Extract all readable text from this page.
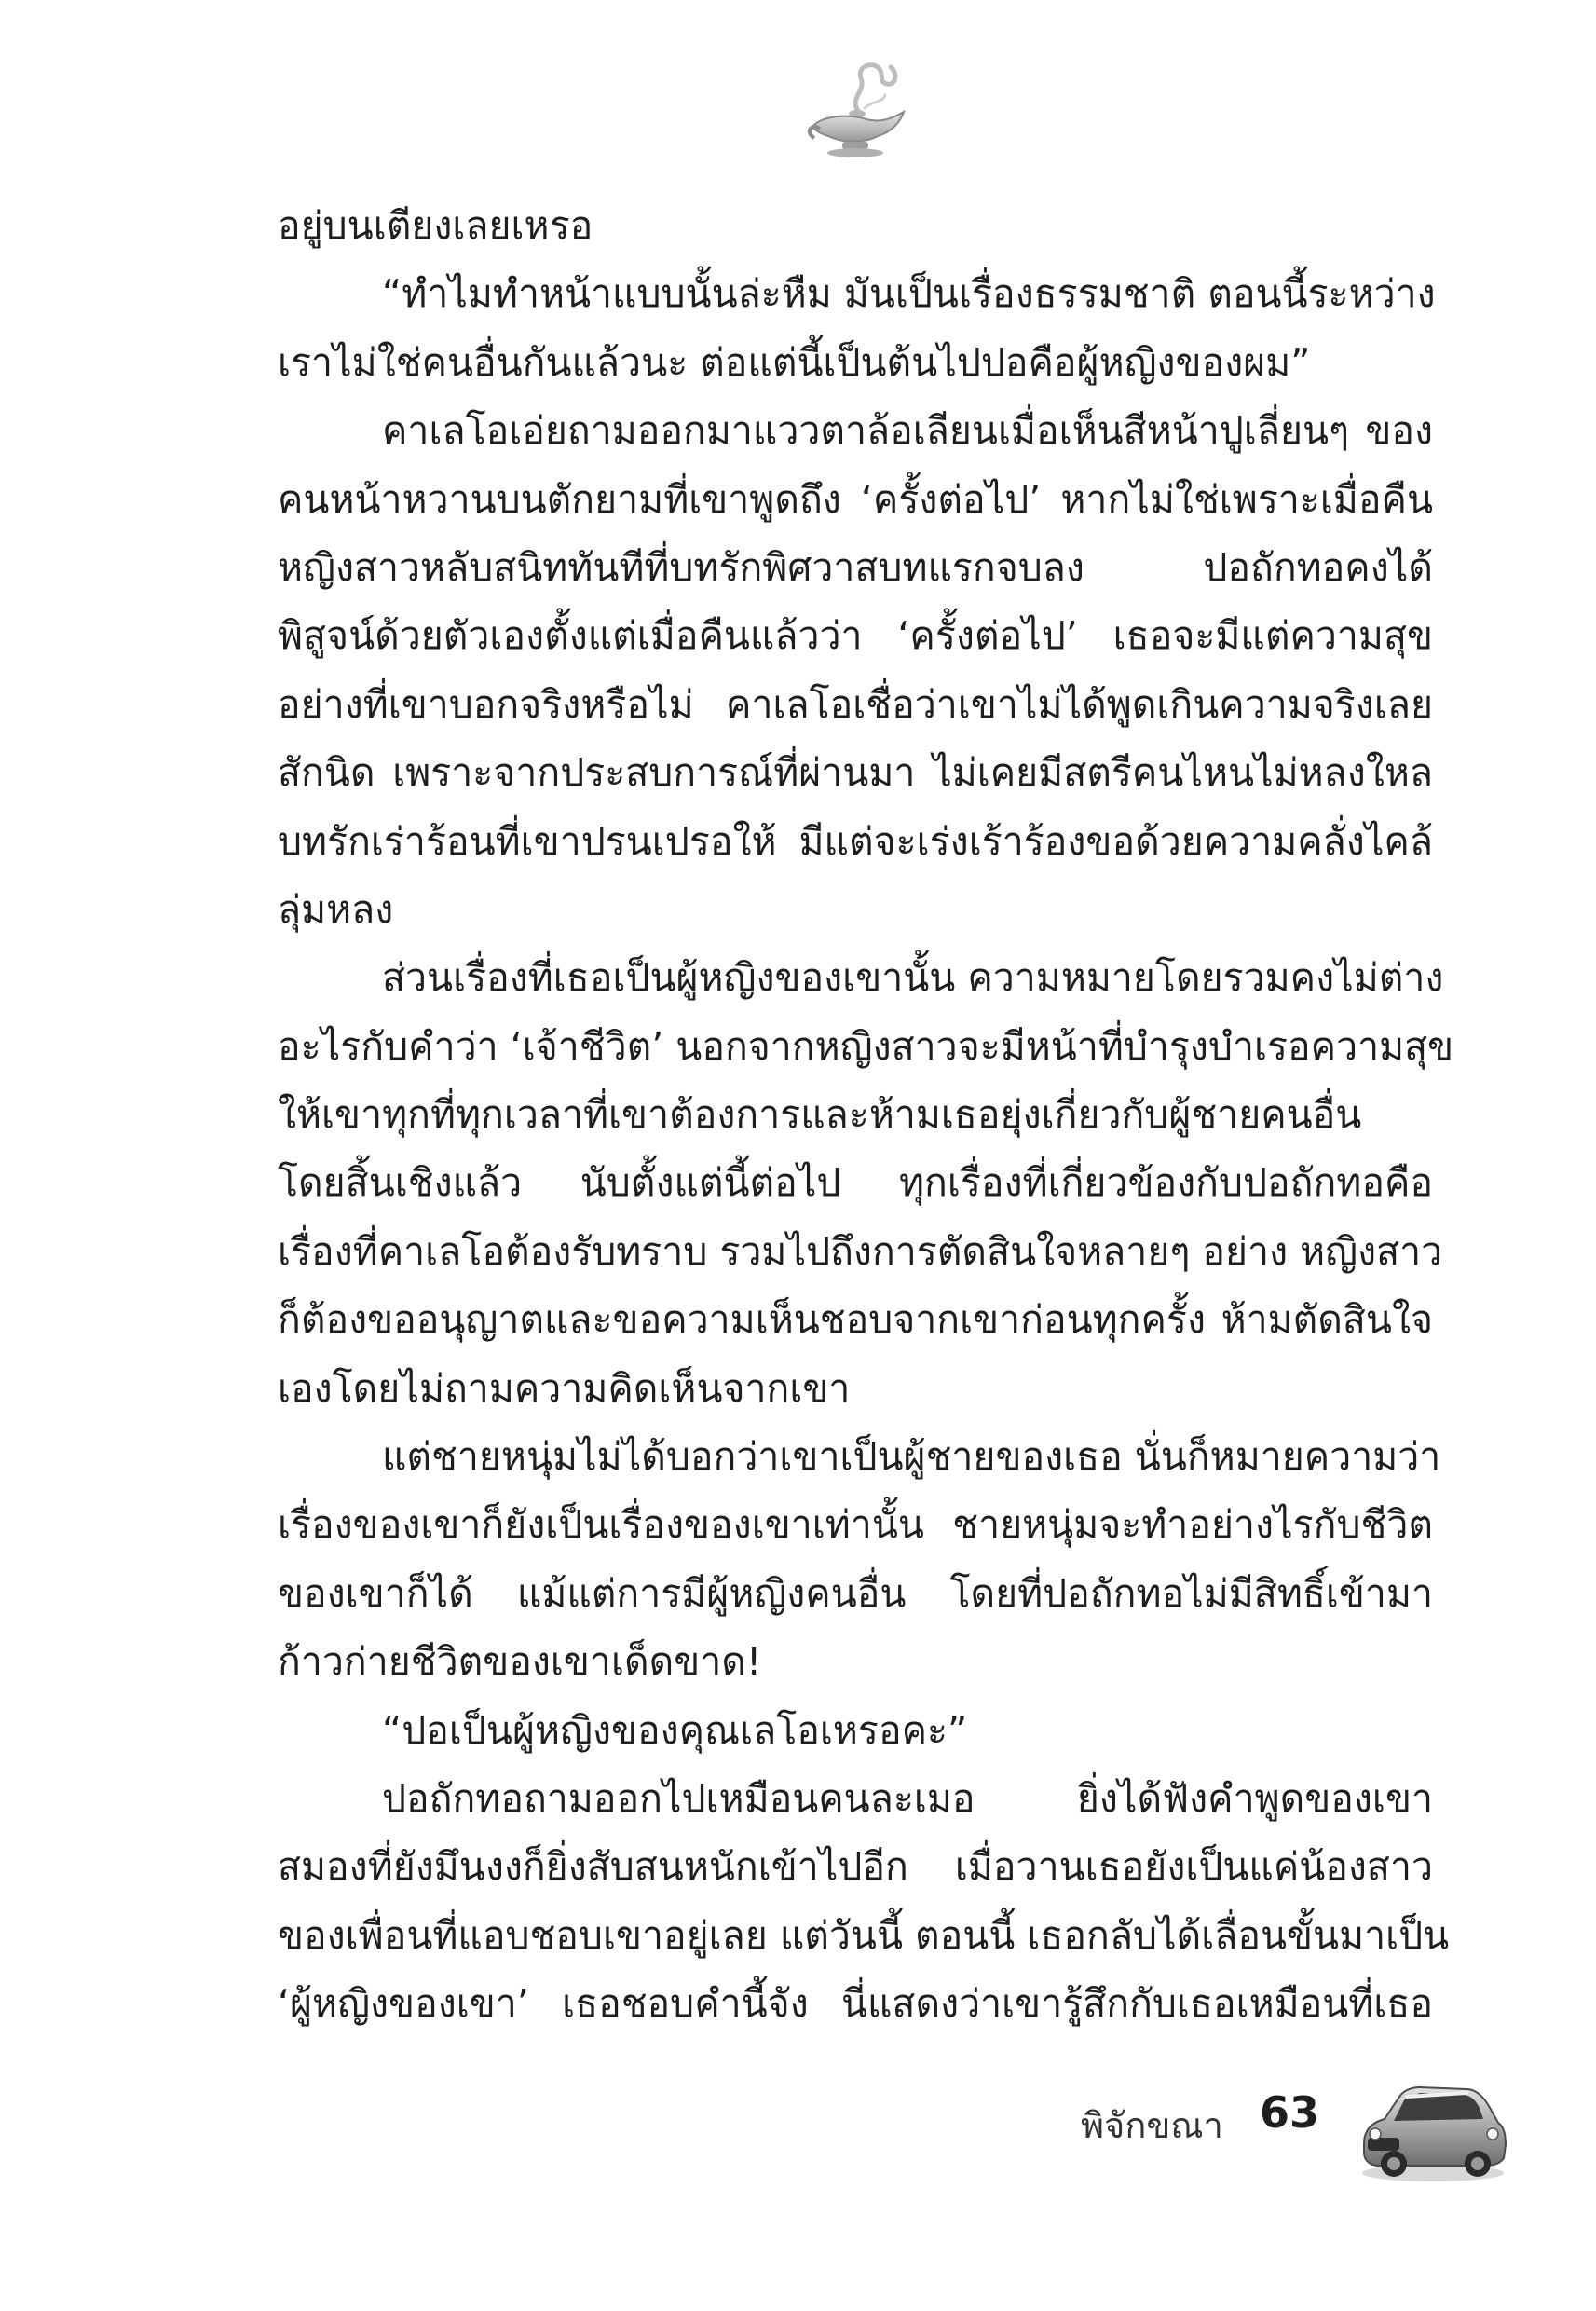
อยู่บนเตียงเลยเหรอ
“ทำไมทำหน้าแบบนั้นล่ะหืม มันเป็นเรื่องธรรมชาติ ตอนนี้ระหว่าง
เราไม่ใช่คนอื่นกันแล้วนะ ต่อแต่นี้เป็นต้นไปปอคือผู้หญิงของผม”
คาเลโอเอ่ยถามออกมาแววตาล้อเลียนเมื่อเห็นสีหน้าปูเลี่ยนๆ ของ
คนหน้าหวานบนตักยามที่เขาพูดถึง ‘ครั้งต่อไป’ หากไม่ใช่เพราะเมื่อคืน
หญิงสาวหลับสนิททันทีที่บทรักพิศวาสบทแรกจบลง ปอถักทอคงได้
พิสูจน์ด้วยตัวเองตั้งแต่เมื่อคืนแล้วว่า ‘ครั้งต่อไป’ เธอจะมีแต่ความสุข
อย่างที่เขาบอกจริงหรือไม่ คาเลโอเชื่อว่าเขาไม่ได้พูดเกินความจริงเลย
สักนิด เพราะจากประสบการณ์ที่ผ่านมา ไม่เคยมีสตรีคนไหนไม่หลงใหล
บทรักเร่าร้อนที่เขาปรนเปรอให้ มีแต่จะเร่งเร้าร้องขอด้วยความคลั่งไคล้
ลุ่มหลง
ส่วนเรื่องที่เธอเป็นผู้หญิงของเขานั้น ความหมายโดยรวมคงไม่ต่าง
อะไรกับคำว่า ‘เจ้าชีวิต’ นอกจากหญิงสาวจะมีหน้าที่บำรุงบำเรอความสุข
ให้เขาทุกที่ทุกเวลาที่เขาต้องการและห้ามเธอยุ่งเกี่ยวกับผู้ชายคนอื่น
โดยสิ้นเชิงแล้ว นับตั้งแต่นี้ต่อไป ทุกเรื่องที่เกี่ยวข้องกับปอถักทอคือ
เรื่องที่คาเลโอต้องรับทราบ รวมไปถึงการตัดสินใจหลายๆ อย่าง หญิงสาว
ก็ต้องขออนุญาตและขอความเห็นชอบจากเขาก่อนทุกครั้ง ห้ามตัดสินใจ
เองโดยไม่ถามความคิดเห็นจากเขา
แต่ชายหนุ่มไม่ได้บอกว่าเขาเป็นผู้ชายของเธอ นั่นก็หมายความว่า
เรื่องของเขาก็ยังเป็นเรื่องของเขาเท่านั้น ชายหนุ่มจะทำอย่างไรกับชีวิต
ของเขาก็ได้ แม้แต่การมีผู้หญิงคนอื่น โดยที่ปอถักทอไม่มีสิทธิ์เข้ามา
ก้าวก่ายชีวิตของเขาเด็ดขาด!
“ปอเป็นผู้หญิงของคุณเลโอเหรอคะ”
ปอถักทอถามออกไปเหมือนคนละเมอ ยิ่งได้ฟังคำพูดของเขา
สมองที่ยังมึนงงก็ยิ่งสับสนหนักเข้าไปอีก เมื่อวานเธอยังเป็นแค่น้องสาว
ของเพื่อนที่แอบชอบเขาอยู่เลย แต่วันนี้ ตอนนี้ เธอกลับได้เลื่อนขั้นมาเป็น
‘ผู้หญิงของเขา’ เธอชอบคำนี้จัง นี่แสดงว่าเขารู้สึกกับเธอเหมือนที่เธอ
พิจักขณา 63
